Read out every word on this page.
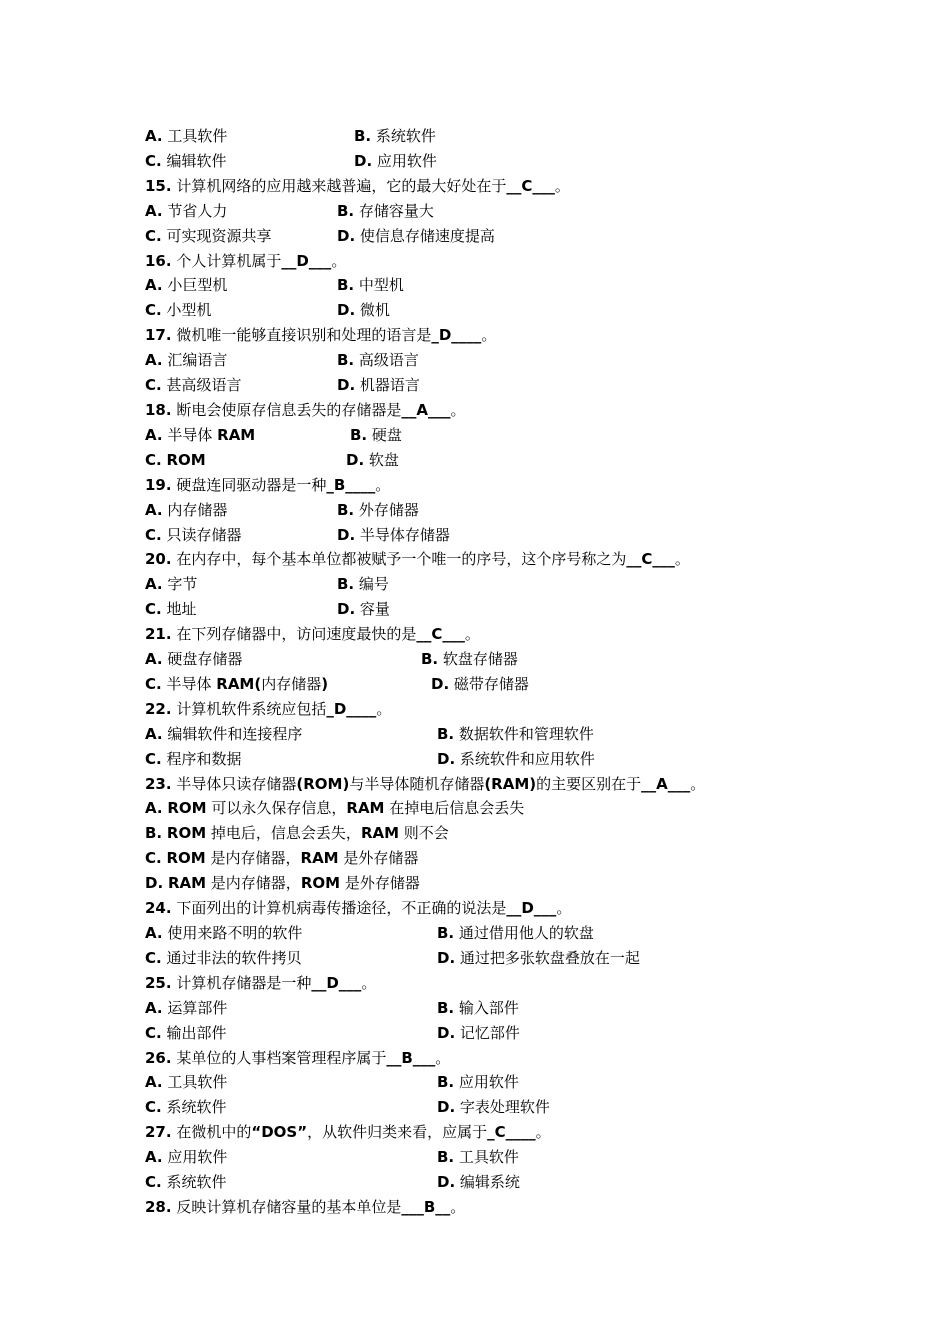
A. 工具软件	B. 系统软件
C. 编辑软件	D. 应用软件
15. 计算机网络的应用越来越普遍，它的最大好处在于__C___。
A. 节省人力	B. 存储容量大
C. 可实现资源共享	D. 使信息存储速度提高
16. 个人计算机属于__D___。
A. 小巨型机	B. 中型机
C. 小型机	D. 微机
17. 微机唯一能够直接识别和处理的语言是_D____。
A. 汇编语言	B. 高级语言
C. 甚高级语言	D. 机器语言
18. 断电会使原存信息丢失的存储器是__A___。
A. 半导体 RAM	B. 硬盘
C. ROM	D. 软盘
19. 硬盘连同驱动器是一种_B____。
A. 内存储器	B. 外存储器
C. 只读存储器	D. 半导体存储器
20. 在内存中，每个基本单位都被赋予一个唯一的序号，这个序号称之为__C___。
A. 字节	B. 编号
C. 地址	D. 容量
21. 在下列存储器中，访问速度最快的是__C___。
A. 硬盘存储器	B. 软盘存储器
C. 半导体 RAM(内存储器)	D. 磁带存储器
22. 计算机软件系统应包括_D____。
A. 编辑软件和连接程序	B. 数据软件和管理软件
C. 程序和数据	D. 系统软件和应用软件
23. 半导体只读存储器(ROM)与半导体随机存储器(RAM)的主要区别在于__A___。
A. ROM 可以永久保存信息，RAM 在掉电后信息会丢失
B. ROM 掉电后，信息会丢失，RAM 则不会
C. ROM 是内存储器，RAM 是外存储器
D. RAM 是内存储器，ROM 是外存储器
24. 下面列出的计算机病毒传播途径，不正确的说法是__D___。
A. 使用来路不明的软件	B. 通过借用他人的软盘
C. 通过非法的软件拷贝	D. 通过把多张软盘叠放在一起
25. 计算机存储器是一种__D___。
A. 运算部件	B. 输入部件
C. 输出部件	D. 记忆部件
26. 某单位的人事档案管理程序属于__B___。
A. 工具软件	B. 应用软件
C. 系统软件	D. 字表处理软件
27. 在微机中的“DOS”，从软件归类来看，应属于_C____。
A. 应用软件	B. 工具软件
C. 系统软件	D. 编辑系统
28. 反映计算机存储容量的基本单位是___B__。
